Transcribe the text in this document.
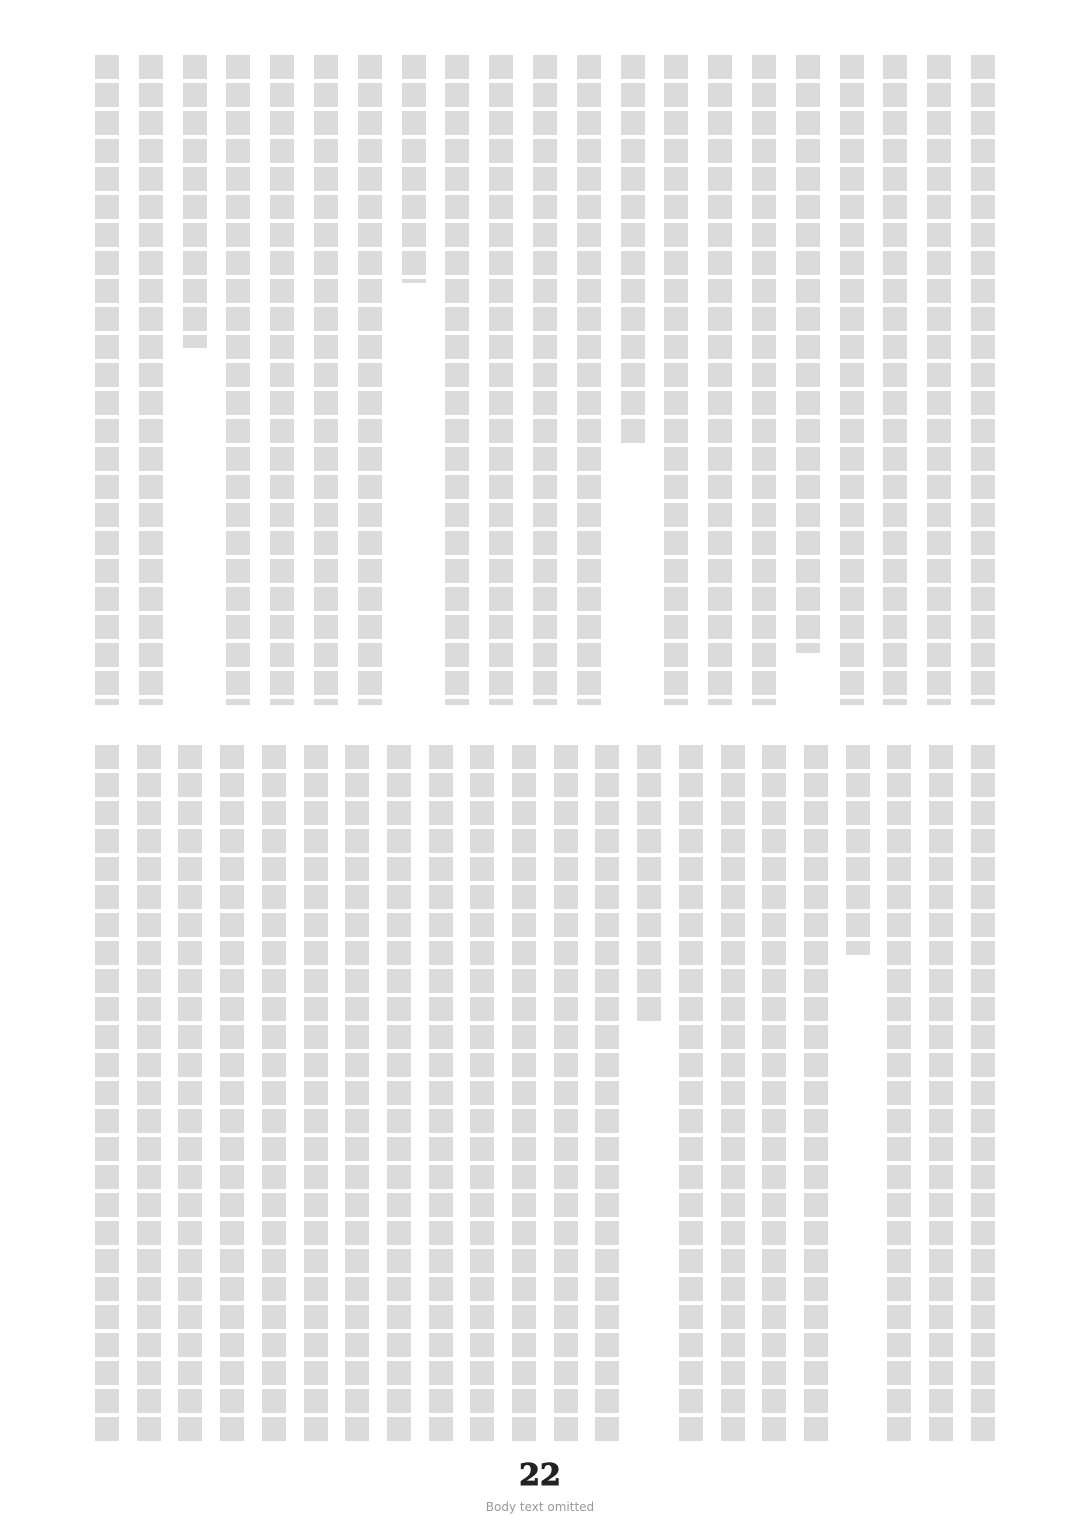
22
Body text omitted
